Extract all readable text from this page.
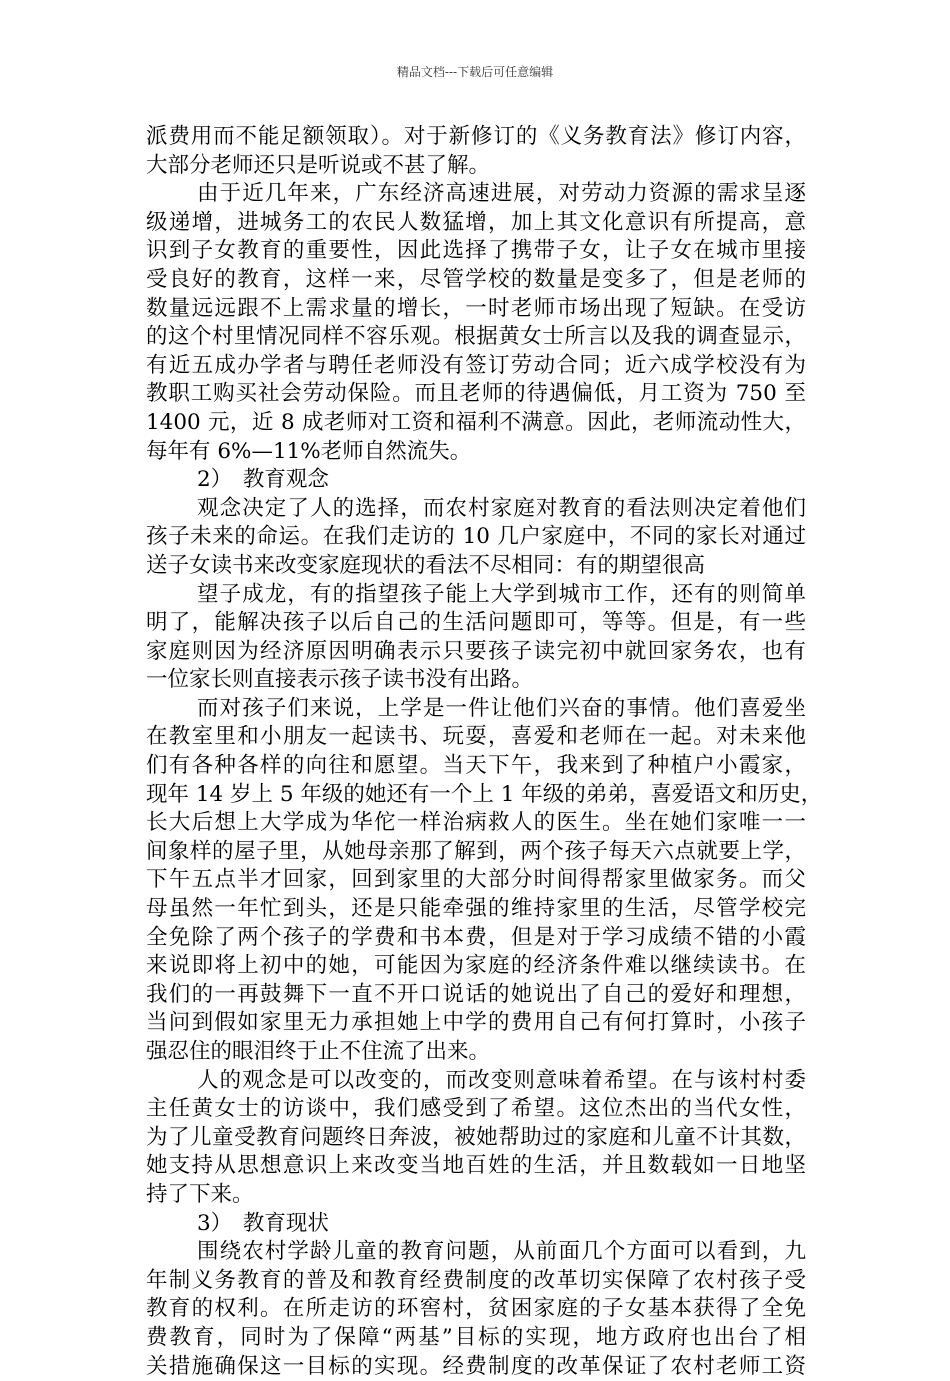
精品文档---下载后可任意编辑
派费用而不能足额领取）。对于新修订的《义务教育法》修订内容，
大部分老师还只是听说或不甚了解。
由于近几年来，广东经济高速进展，对劳动力资源的需求呈逐
级递增，进城务工的农民人数猛增，加上其文化意识有所提高，意
识到子女教育的重要性，因此选择了携带子女，让子女在城市里接
受良好的教育，这样一来，尽管学校的数量是变多了，但是老师的
数量远远跟不上需求量的增长，一时老师市场出现了短缺。在受访
的这个村里情况同样不容乐观。根据黄女士所言以及我的调查显示，
有近五成办学者与聘任老师没有签订劳动合同；近六成学校没有为
教职工购买社会劳动保险。而且老师的待遇偏低，月工资为 750 至
1400 元，近 8 成老师对工资和福利不满意。因此，老师流动性大，
每年有 6%—11%老师自然流失。
2）　教育观念
观念决定了人的选择，而农村家庭对教育的看法则决定着他们
孩子未来的命运。在我们走访的 10 几户家庭中，不同的家长对通过
送子女读书来改变家庭现状的看法不尽相同：有的期望很高
望子成龙，有的指望孩子能上大学到城市工作，还有的则简单
明了，能解决孩子以后自己的生活问题即可，等等。但是，有一些
家庭则因为经济原因明确表示只要孩子读完初中就回家务农，也有
一位家长则直接表示孩子读书没有出路。
而对孩子们来说，上学是一件让他们兴奋的事情。他们喜爱坐
在教室里和小朋友一起读书、玩耍，喜爱和老师在一起。对未来他
们有各种各样的向往和愿望。当天下午，我来到了种植户小霞家，
现年 14 岁上 5 年级的她还有一个上 1 年级的弟弟，喜爱语文和历史，
长大后想上大学成为华佗一样治病救人的医生。坐在她们家唯一一
间象样的屋子里，从她母亲那了解到，两个孩子每天六点就要上学，
下午五点半才回家，回到家里的大部分时间得帮家里做家务。而父
母虽然一年忙到头，还是只能牵强的维持家里的生活，尽管学校完
全免除了两个孩子的学费和书本费，但是对于学习成绩不错的小霞
来说即将上初中的她，可能因为家庭的经济条件难以继续读书。在
我们的一再鼓舞下一直不开口说话的她说出了自己的爱好和理想，
当问到假如家里无力承担她上中学的费用自己有何打算时，小孩子
强忍住的眼泪终于止不住流了出来。
人的观念是可以改变的，而改变则意味着希望。在与该村村委
主任黄女士的访谈中，我们感受到了希望。这位杰出的当代女性，
为了儿童受教育问题终日奔波，被她帮助过的家庭和儿童不计其数，
她支持从思想意识上来改变当地百姓的生活，并且数载如一日地坚
持了下来。
3）　教育现状
围绕农村学龄儿童的教育问题，从前面几个方面可以看到，九
年制义务教育的普及和教育经费制度的改革切实保障了农村孩子受
教育的权利。在所走访的环窖村，贫困家庭的子女基本获得了全免
费教育，同时为了保障“两基”目标的实现，地方政府也出台了相
关措施确保这一目标的实现。经费制度的改革保证了农村老师工资
